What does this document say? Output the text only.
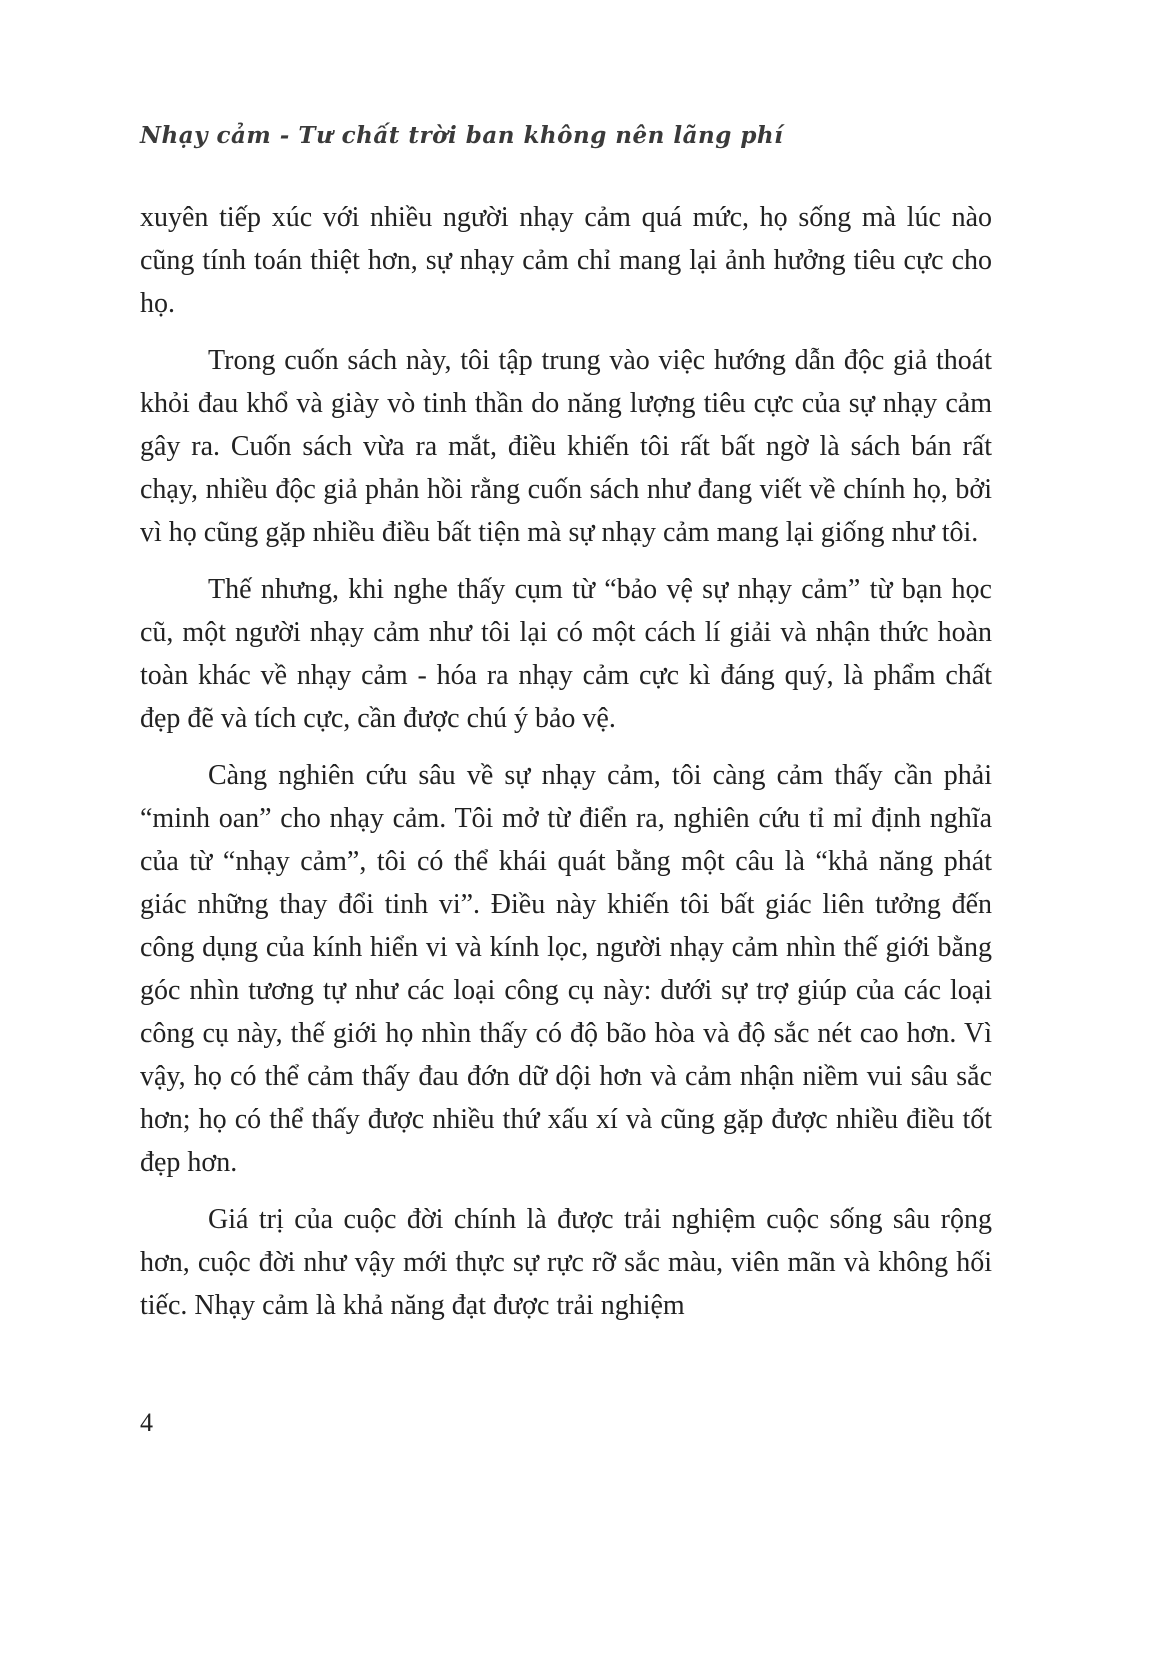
Nhạy cảm - Tư chất trời ban không nên lãng phí

xuyên tiếp xúc với nhiều người nhạy cảm quá mức, họ sống mà lúc nào cũng tính toán thiệt hơn, sự nhạy cảm chỉ mang lại ảnh hưởng tiêu cực cho họ.

Trong cuốn sách này, tôi tập trung vào việc hướng dẫn độc giả thoát khỏi đau khổ và giày vò tinh thần do năng lượng tiêu cực của sự nhạy cảm gây ra. Cuốn sách vừa ra mắt, điều khiến tôi rất bất ngờ là sách bán rất chạy, nhiều độc giả phản hồi rằng cuốn sách như đang viết về chính họ, bởi vì họ cũng gặp nhiều điều bất tiện mà sự nhạy cảm mang lại giống như tôi.

Thế nhưng, khi nghe thấy cụm từ “bảo vệ sự nhạy cảm” từ bạn học cũ, một người nhạy cảm như tôi lại có một cách lí giải và nhận thức hoàn toàn khác về nhạy cảm - hóa ra nhạy cảm cực kì đáng quý, là phẩm chất đẹp đẽ và tích cực, cần được chú ý bảo vệ.

Càng nghiên cứu sâu về sự nhạy cảm, tôi càng cảm thấy cần phải “minh oan” cho nhạy cảm. Tôi mở từ điển ra, nghiên cứu tỉ mỉ định nghĩa của từ “nhạy cảm”, tôi có thể khái quát bằng một câu là “khả năng phát giác những thay đổi tinh vi”. Điều này khiến tôi bất giác liên tưởng đến công dụng của kính hiển vi và kính lọc, người nhạy cảm nhìn thế giới bằng góc nhìn tương tự như các loại công cụ này: dưới sự trợ giúp của các loại công cụ này, thế giới họ nhìn thấy có độ bão hòa và độ sắc nét cao hơn. Vì vậy, họ có thể cảm thấy đau đớn dữ dội hơn và cảm nhận niềm vui sâu sắc hơn; họ có thể thấy được nhiều thứ xấu xí và cũng gặp được nhiều điều tốt đẹp hơn.

Giá trị của cuộc đời chính là được trải nghiệm cuộc sống sâu rộng hơn, cuộc đời như vậy mới thực sự rực rỡ sắc màu, viên mãn và không hối tiếc. Nhạy cảm là khả năng đạt được trải nghiệm

4
